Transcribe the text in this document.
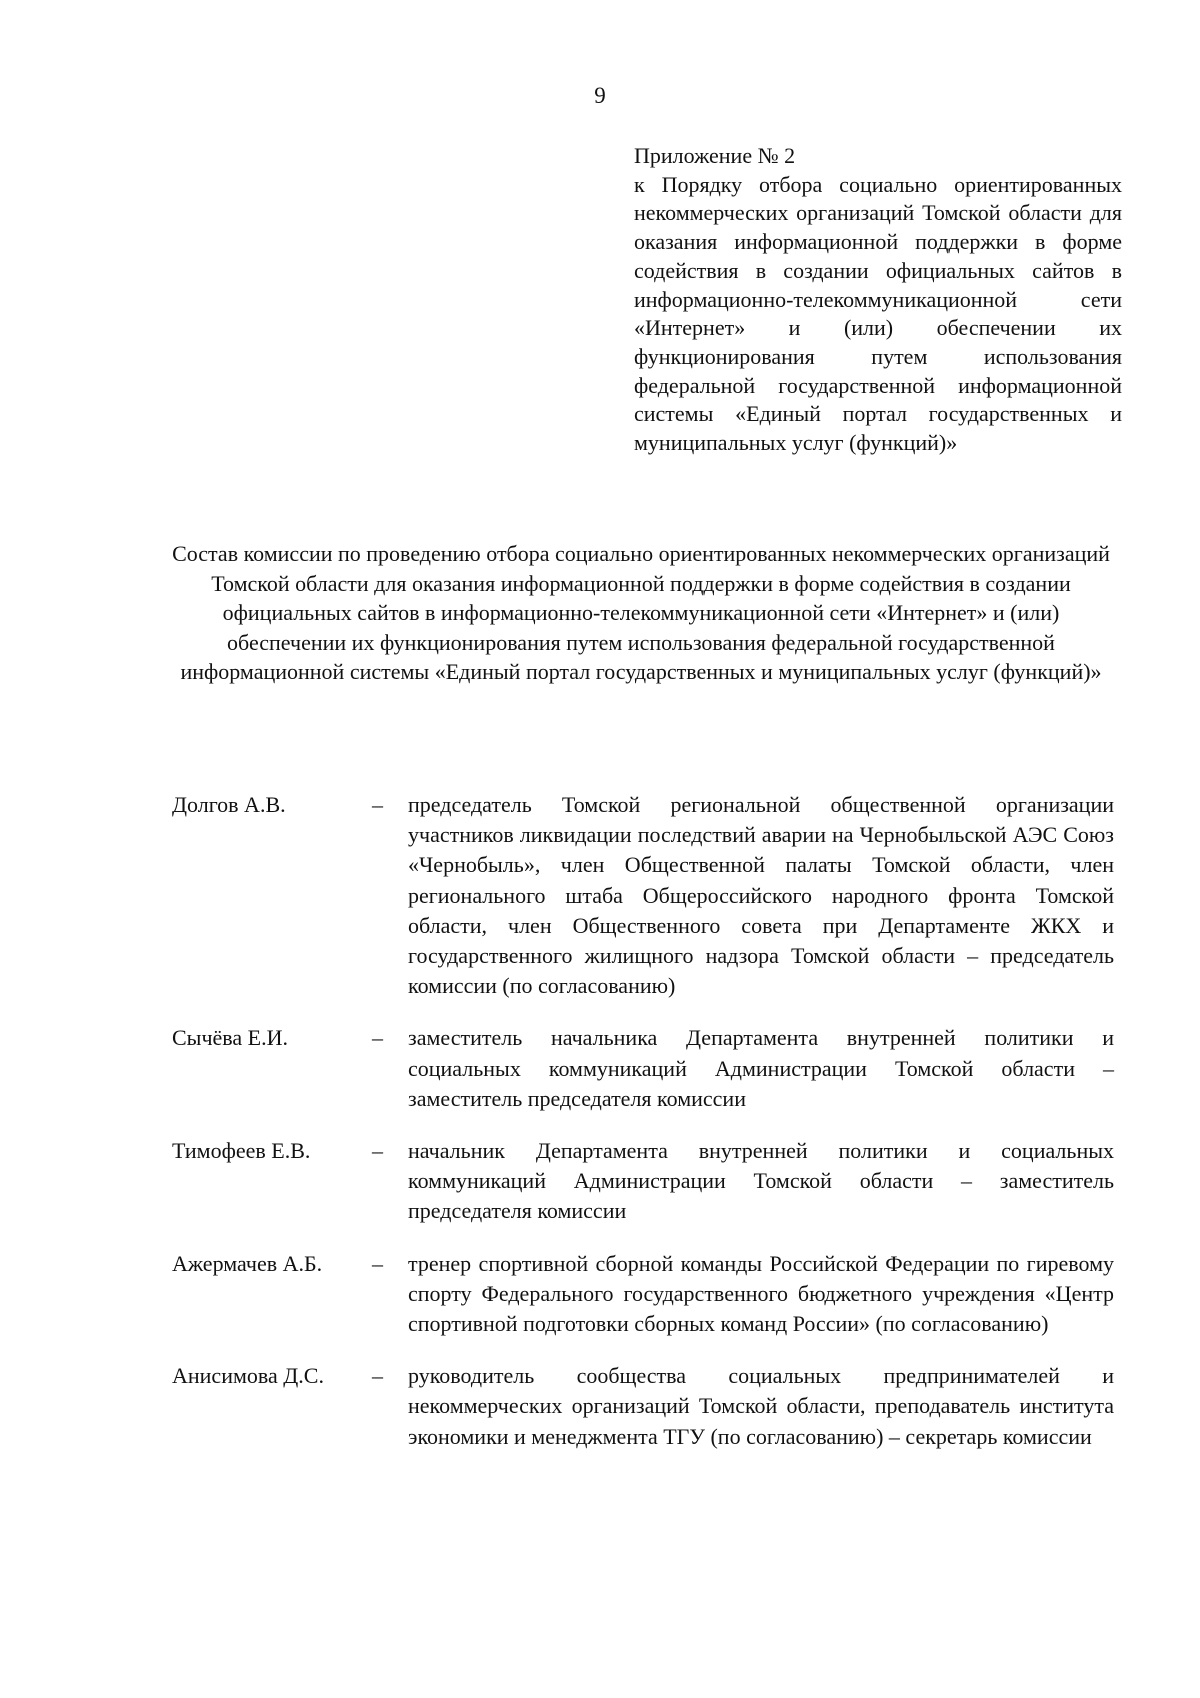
9
Приложение № 2
к Порядку отбора социально ориентированных некоммерческих организаций Томской области для оказания информационной поддержки в форме содействия в создании официальных сайтов в информационно-телекоммуникационной сети «Интернет» и (или) обеспечении их функционирования путем использования федеральной государственной информационной системы «Единый портал государственных и муниципальных услуг (функций)»
Состав комиссии по проведению отбора социально ориентированных некоммерческих организаций Томской области для оказания информационной поддержки в форме содействия в создании официальных сайтов в информационно-телекоммуникационной сети «Интернет» и (или) обеспечении их функционирования путем использования федеральной государственной информационной системы «Единый портал государственных и муниципальных услуг (функций)»
Долгов А.В.	–	председатель Томской региональной общественной организации участников ликвидации последствий аварии на Чернобыльской АЭС Союз «Чернобыль», член Общественной палаты Томской области, член регионального штаба Общероссийского народного фронта Томской области, член Общественного совета при Департаменте ЖКХ и государственного жилищного надзора Томской области – председатель комиссии (по согласованию)
Сычёва Е.И.	–	заместитель начальника Департамента внутренней политики и социальных коммуникаций Администрации Томской области – заместитель председателя комиссии
Тимофеев Е.В.	–	начальник Департамента внутренней политики и социальных коммуникаций Администрации Томской области – заместитель председателя комиссии
Ажермачев А.Б.	–	тренер спортивной сборной команды Российской Федерации по гиревому спорту Федерального государственного бюджетного учреждения «Центр спортивной подготовки сборных команд России» (по согласованию)
Анисимова Д.С.	–	руководитель сообщества социальных предпринимателей и некоммерческих организаций Томской области, преподаватель института экономики и менеджмента ТГУ (по согласованию) – секретарь комиссии
